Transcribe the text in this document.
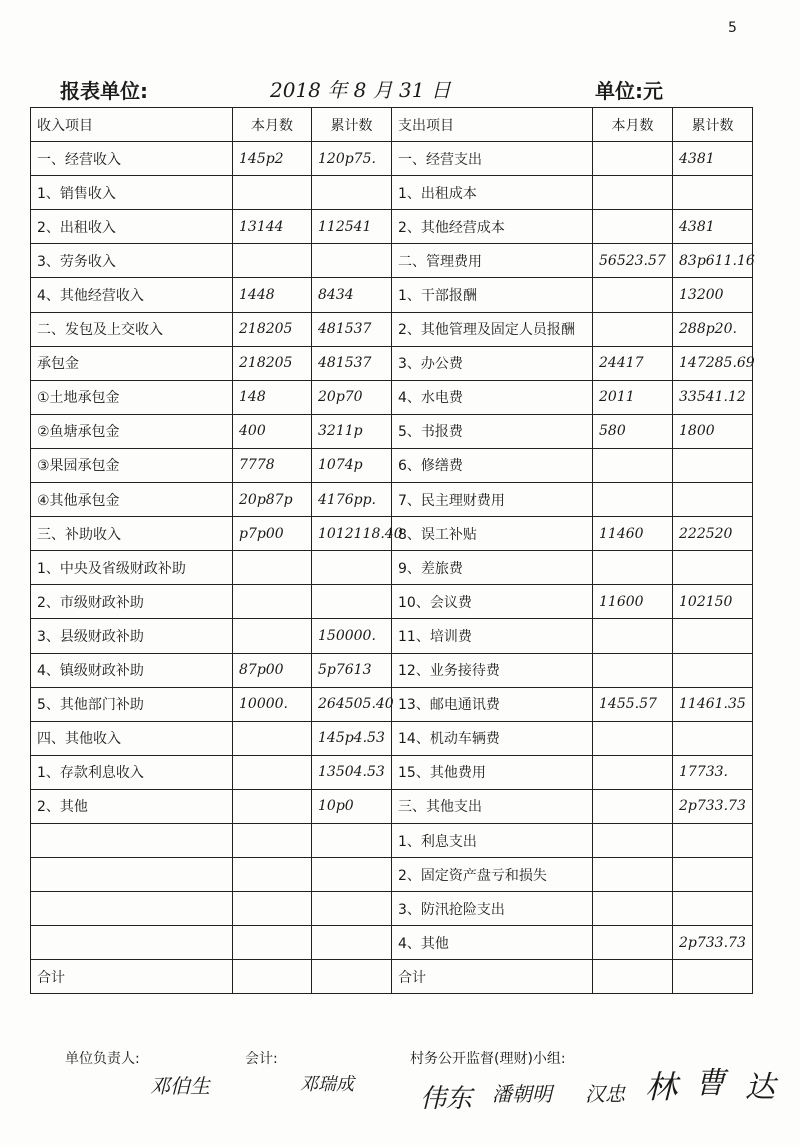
5
报表单位:	2018 年 8 月 31 日	单位:元
收入项目	本月数	累计数	支出项目	本月数	累计数
一、经营收入	145p2	120p75.	一、经营支出		4381
1、销售收入			1、出租成本		
2、出租收入	13144	112541	2、其他经营成本		4381
3、劳务收入			二、管理费用	56523.57	83p611.16
4、其他经营收入	1448	8434	1、干部报酬		13200
二、发包及上交收入	218205	481537	2、其他管理及固定人员报酬		288p20.
承包金	218205	481537	3、办公费	24417	147285.69
①土地承包金	148	20p70	4、水电费	2011	33541.12
②鱼塘承包金	400	3211p	5、书报费	580	1800
③果园承包金	7778	1074p	6、修缮费		
④其他承包金	20p87p	4176pp.	7、民主理财费用		
三、补助收入	p7p00	1012118.40	8、误工补贴	11460	222520
1、中央及省级财政补助			9、差旅费		
2、市级财政补助			10、会议费	11600	102150
3、县级财政补助		150000.	11、培训费		
4、镇级财政补助	87p00	5p7613	12、业务接待费		
5、其他部门补助	10000.	264505.40	13、邮电通讯费	1455.57	11461.35
四、其他收入		145p4.53	14、机动车辆费		
1、存款利息收入		13504.53	15、其他费用		17733.
2、其他		10p0	三、其他支出		2p733.73
			1、利息支出		
			2、固定资产盘亏和损失		
			3、防汛抢险支出		
			4、其他		2p733.73
合计			合计		
单位负责人:	会计:	村务公开监督(理财)小组:
邓伯生	邓瑞成	伟东 潘朝明 汉忠 林 曹 达
